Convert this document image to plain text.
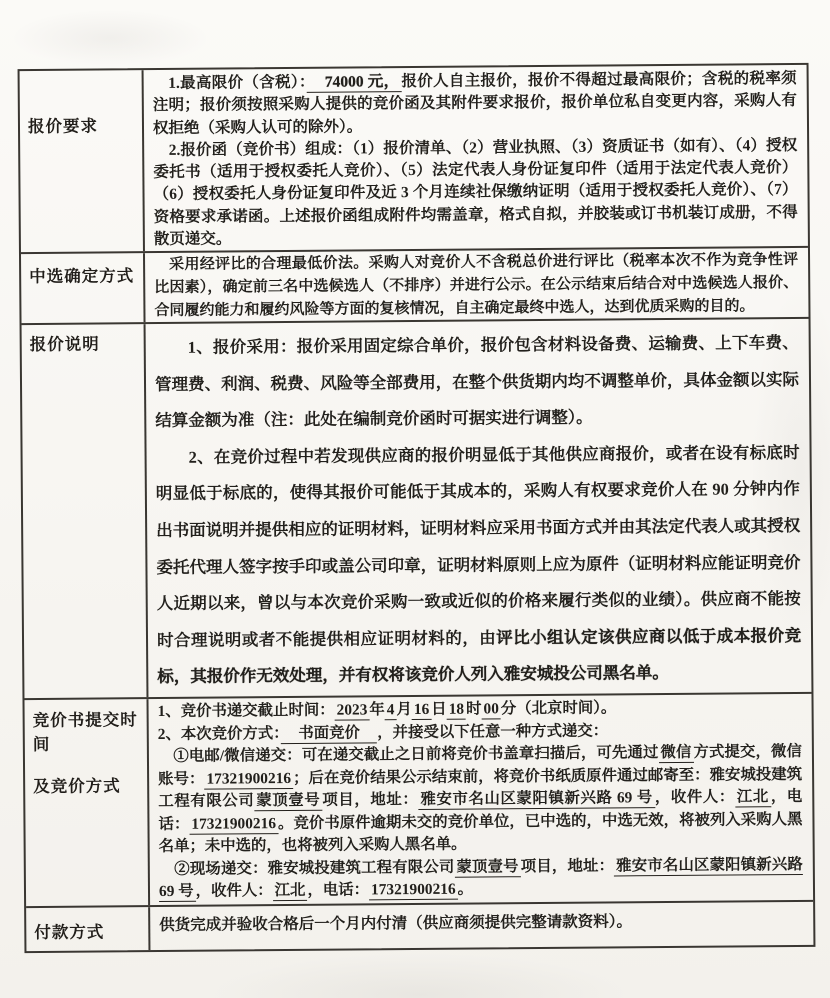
报价要求
1.最高限价（含税）：　74000 元， 报价人自主报价，报价不得超过最高限价；含税的税率须注明；报价须按照采购人提供的竞价函及其附件要求报价，报价单位私自变更内容，采购人有权拒绝（采购人认可的除外）。
2.报价函（竞价书）组成：（1）报价清单、（2）营业执照、（3）资质证书（如有）、（4）授权委托书（适用于授权委托人竞价）、（5）法定代表人身份证复印件（适用于法定代表人竞价）（6）授权委托人身份证复印件及近 3 个月连续社保缴纳证明（适用于授权委托人竞价）、（7）资格要求承诺函。上述报价函组成附件均需盖章，格式自拟，并胶装或订书机装订成册，不得散页递交。
中选确定方式
采用经评比的合理最低价法。采购人对竞价人不含税总价进行评比（税率本次不作为竞争性评比因素），确定前三名中选候选人（不排序）并进行公示。在公示结束后结合对中选候选人报价、合同履约能力和履约风险等方面的复核情况，自主确定最终中选人，达到优质采购的目的。
报价说明	1、报价采用：报价采用固定综合单价，报价包含材料设备费、运输费、上下车费、管理费、利润、税费、风险等全部费用，在整个供货期内均不调整单价，具体金额以实际结算金额为准（注：此处在编制竞价函时可据实进行调整）。
2、在竞价过程中若发现供应商的报价明显低于其他供应商报价，或者在设有标底时明显低于标底的，使得其报价可能低于其成本的，采购人有权要求竞价人在 90 分钟内作出书面说明并提供相应的证明材料，证明材料应采用书面方式并由其法定代表人或其授权委托代理人签字按手印或盖公司印章，证明材料原则上应为原件（证明材料应能证明竞价人近期以来，曾以与本次竞价采购一致或近似的价格来履行类似的业绩）。供应商不能按时合理说明或者不能提供相应证明材料的，由评比小组认定该供应商以低于成本报价竞标，其报价作无效处理，并有权将该竞价人列入雅安城投公司黑名单。
竞价书提交时间
及竞价方式
1、竞价书递交截止时间： 2023 年 4 月 16 日 18 时 00 分（北京时间）。
2、本次竞价方式：　书面竞价　，并接受以下任意一种方式递交：
①电邮/微信递交：可在递交截止之日前将竞价书盖章扫描后，可先通过 微信 方式提交，微信账号： 17321900216 ；后在竞价结果公示结束前，将竞价书纸质原件通过邮寄至：雅安城投建筑工程有限公司 蒙顶壹号 项目，地址： 雅安市名山区蒙阳镇新兴路 69 号 ，收件人： 江北 ，电话： 17321900216 。竞价书原件逾期未交的竞价单位，已中选的，中选无效，将被列入采购人黑名单；未中选的，也将被列入采购人黑名单。
②现场递交：雅安城投建筑工程有限公司 蒙顶壹号 项目，地址： 雅安市名山区蒙阳镇新兴路 69 号 ，收件人： 江北 ，电话： 17321900216 。
付款方式	供货完成并验收合格后一个月内付清（供应商须提供完整请款资料）。
